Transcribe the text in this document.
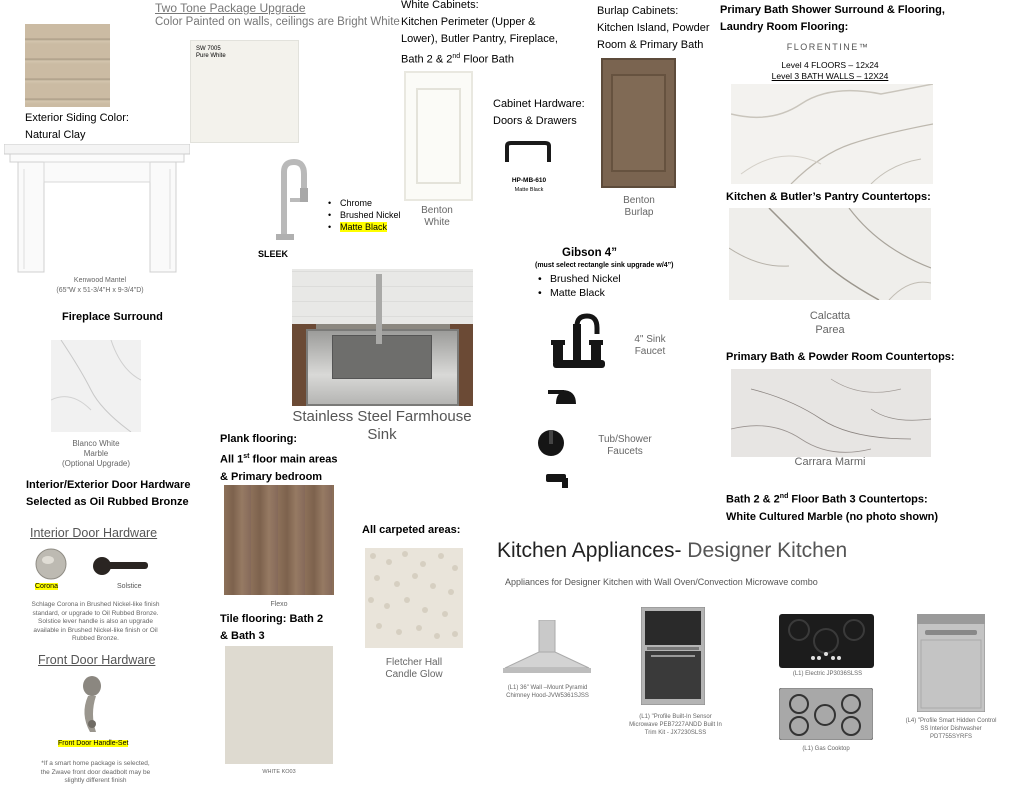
Exterior Siding Color:
Natural Clay
Two Tone Package Upgrade
Color Painted on walls, ceilings are Bright White
SW 7005
Pure White
Kenwood Mantel
(65"W x 51-3/4"H x 9-3/4"D)
White Cabinets:
Kitchen Perimeter (Upper &
Lower), Butler Pantry, Fireplace,
Bath 2 & 2nd Floor Bath
Benton
White
Burlap Cabinets:
Kitchen Island, Powder
Room & Primary Bath
Benton
Burlap
Cabinet Hardware:
Doors & Drawers
HP-MB-610
Matte Black
• Chrome
• Brushed Nickel
• Matte Black
SLEEK
Stainless Steel Farmhouse
Sink
Gibson 4”
(must select rectangle sink upgrade w/4”)
• Brushed Nickel
• Matte Black
4" Sink
Faucet
Tub/Shower
Faucets
Primary Bath Shower Surround & Flooring,
Laundry Room Flooring:
FLORENTINE™
Level 4 FLOORS – 12x24
Level 3 BATH WALLS – 12X24
Kitchen & Butler’s Pantry Countertops:
Calcatta
Parea
Primary Bath & Powder Room Countertops:
Carrara Marmi
Bath 2 & 2nd Floor Bath 3 Countertops:
White Cultured Marble (no photo shown)
Fireplace Surround
Blanco White
Marble
(Optional Upgrade)
Interior/Exterior Door Hardware
Selected as Oil Rubbed Bronze
Interior Door Hardware
Corona	Solstice
Schlage Corona in Brushed Nickel-like finish standard, or upgrade to Oil Rubbed Bronze. Solstice lever handle is also an upgrade available in Brushed Nickel-like finish or Oil Rubbed Bronze.
Front Door Hardware
Front Door Handle-Set
*If a smart home package is selected, the Zwave front door deadbolt may be slightly different finish
Plank flooring:
All 1st floor main areas
& Primary bedroom
Flexo
Tile flooring: Bath 2
& Bath 3
WHITE KO03
All carpeted areas:
Fletcher Hall
Candle Glow
Kitchen Appliances- Designer Kitchen
Appliances for Designer Kitchen with Wall Oven/Convection Microwave combo
(L1) 36" Wall –Mount Pyramid Chimney Hood-JVW5361SJSS
(L1) "Profile Built-In Sensor Microwave PEB7227ANDD Built In Trim Kit - JX7230SLSS
(L1) Electric JP3036SLSS
(L1) Gas Cooktop
(L4) "Profile Smart Hidden Control SS Interior Dishwasher PDT755SYRFS
